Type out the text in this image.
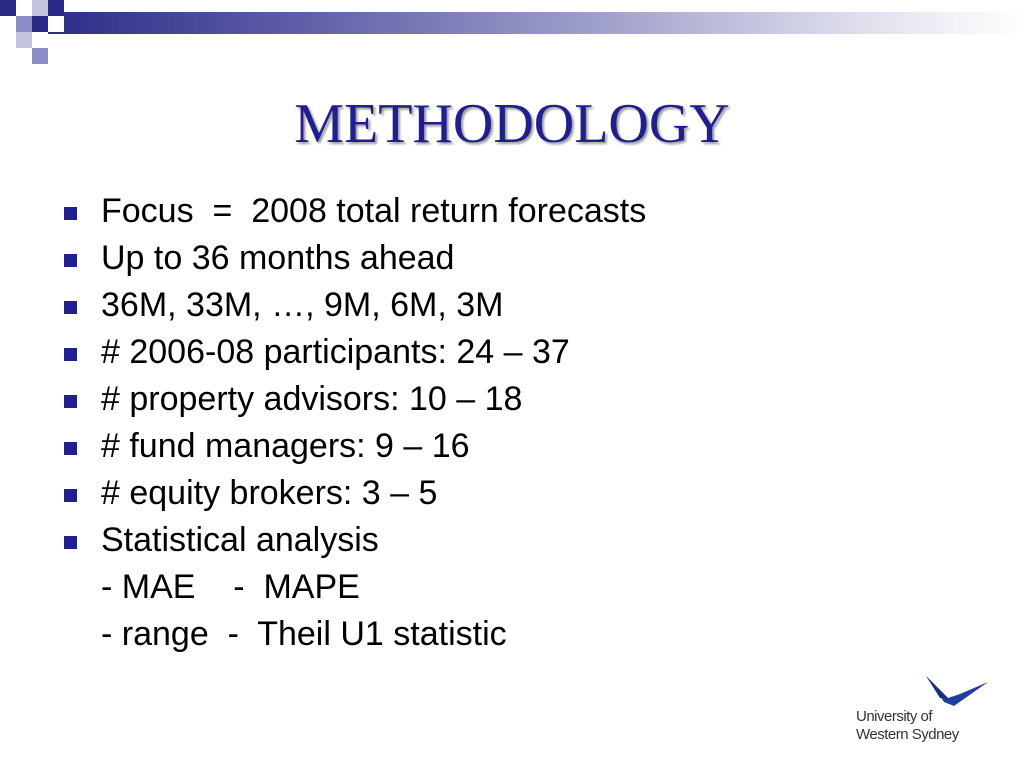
METHODOLOGY
Focus  =  2008 total return forecasts
Up to 36 months ahead
36M, 33M, …, 9M, 6M, 3M
# 2006-08 participants: 24 – 37
# property advisors: 10 – 18
# fund managers: 9 – 16
# equity brokers: 3 – 5
Statistical analysis
- MAE    -  MAPE
- range  -  Theil U1 statistic
University of
Western Sydney
